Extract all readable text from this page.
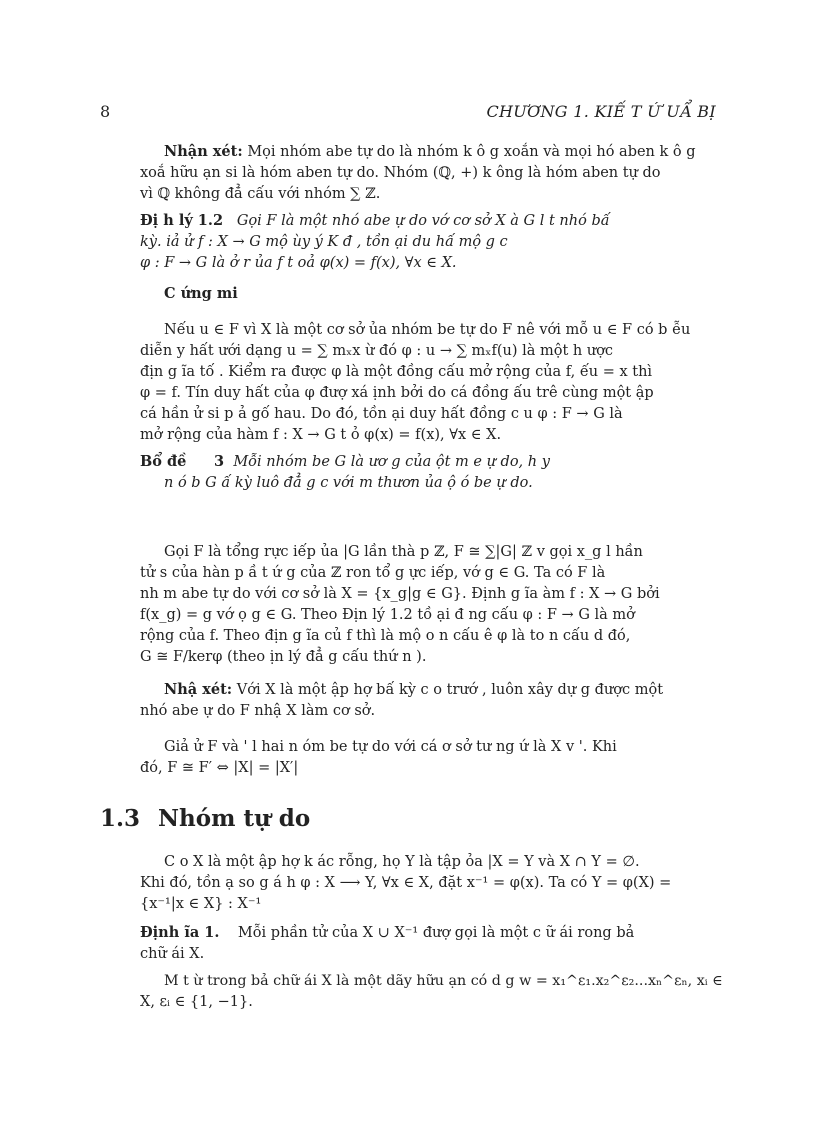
8	CHƯƠNG 1. KIẾ T Ứ UẨ BỊ
Nhận xét: Mọi nhóm abe tự do là nhóm k ô g xoắn và mọi hó aben k ô g
xoắ hữu ạn si là hóm aben tự do. Nhóm (ℚ, +) k ông là hóm aben tự do
vì ℚ không đẳ cấu với nhóm ∑ ℤ.
Đị h lý 1.2 Gọi F là một nhó abe ự do vớ cơ sở X à G l t nhó bấ
kỳ. iả ử f : X → G mộ ùy ý K đ , tồn ại du hấ mộ g c
φ : F → G là ở r ủa f t oả φ(x) = f(x), ∀x ∈ X.
C ứng mi
Nếu u ∈ F vì X là một cơ sở ủa nhóm be tự do F nê với mỗ u ∈ F có b ễu
diễn y hất ưới dạng u = ∑ mₓx ừ đó φ : u → ∑ mₓf(u) là một h ược
địn g ĩa tố . Kiểm ra được φ là một đồng cấu mở rộng của f, ếu = x thì
φ = f. Tín duy hất của φ đượ xá ịnh bởi do cá đồng ấu trê cùng một ập
cá hần ử si p ả gố hau. Do đó, tồn ại duy hất đồng c u φ : F → G là
mở rộng của hàm f : X → G t ỏ φ(x) = f(x), ∀x ∈ X.
Bổ đề 3 Mỗi nhóm be G là ươ g của ột m e ự do, h y
n ó b G ấ kỳ luô đẳ g c với m thươn ủa ộ ó be ự do.
Gọi F là tổng rực iếp ủa |G lần thà p ℤ, F ≅ ∑|G| ℤ v gọi x_g l hần
tử s của hàn p ầ t ứ g của ℤ ron tổ g ực iếp, vớ g ∈ G. Ta có F là
nh m abe tự do với cơ sở là X = {x_g|g ∈ G}. Định g ĩa àm f : X → G bởi
f(x_g) = g vớ ọ g ∈ G. Theo Địn lý 1.2 tồ ại đ ng cấu φ : F → G là mở
rộng của f. Theo địn g ĩa củ f thì là mộ o n cấu ê φ là to n cấu d đó,
G ≅ F/kerφ (theo ịn lý đẳ g cấu thứ n ).
Nhậ xét: Với X là một ập hợ bấ kỳ c o trướ , luôn xây dự g được một
nhó abe ự do F nhậ X làm cơ sở.
Giả ử F và ' l hai n óm be tự do với cá ơ sở tư ng ứ là X v '. Khi
đó, F ≅ F′ ⇔ |X| = |X′|
1.3 Nhóm tự do
C o X là một ập hợ k ác rỗng, họ Y là tập ỏa |X = Y và X ∩ Y = ∅.
Khi đó, tồn ạ so g á h φ : X ⟶ Y, ∀x ∈ X, đặt x⁻¹ = φ(x). Ta có Y = φ(X) =
{x⁻¹|x ∈ X} : X⁻¹
Định ĩa 1. Mỗi phần tử của X ∪ X⁻¹ đượ gọi là một c ữ ái rong bả
chữ ái X.
M t ừ trong bả chữ ái X là một dãy hữu ạn có d g w = x₁^ε₁.x₂^ε₂...xₙ^εₙ, xᵢ ∈
X, εᵢ ∈ {1, −1}.
